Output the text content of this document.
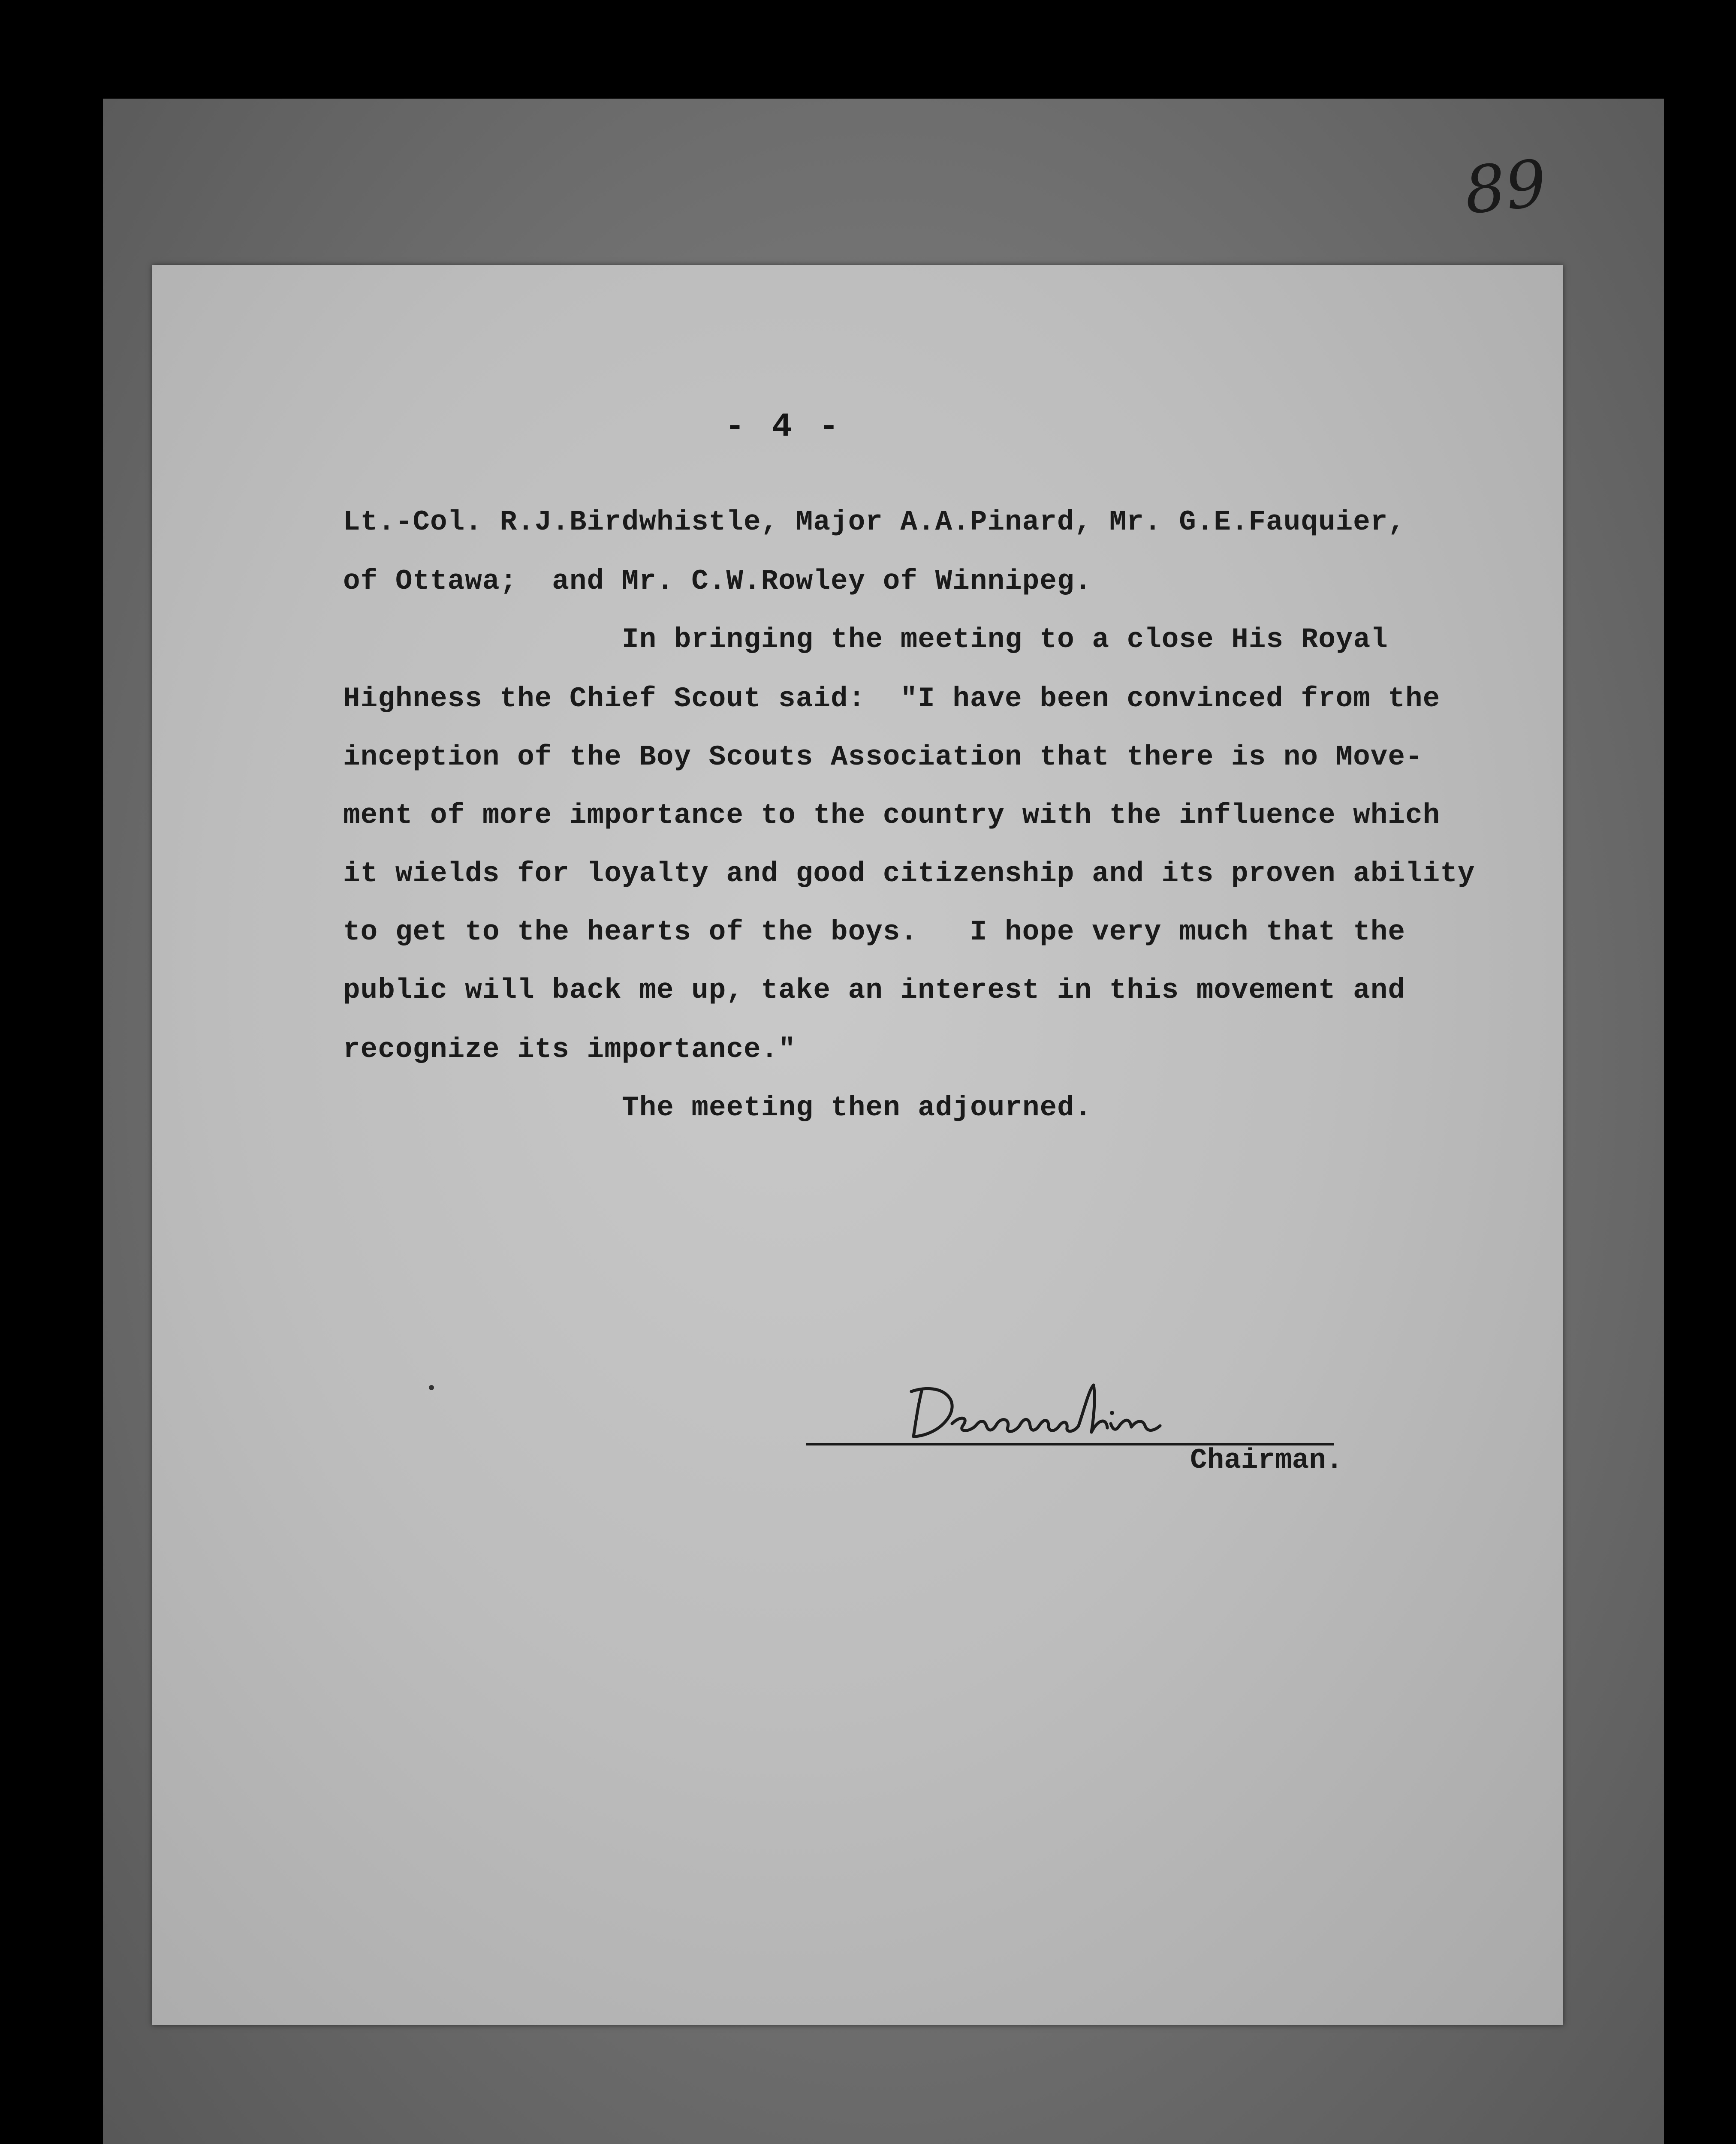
89
- 4 -
Lt.-Col. R.J.Birdwhistle, Major A.A.Pinard, Mr. G.E.Fauquier,
of Ottawa;  and Mr. C.W.Rowley of Winnipeg.
In bringing the meeting to a close His Royal
Highness the Chief Scout said:  "I have been convinced from the
inception of the Boy Scouts Association that there is no Move-
ment of more importance to the country with the influence which
it wields for loyalty and good citizenship and its proven ability
to get to the hearts of the boys.   I hope very much that the
public will back me up, take an interest in this movement and
recognize its importance."
The meeting then adjourned.
Chairman.
